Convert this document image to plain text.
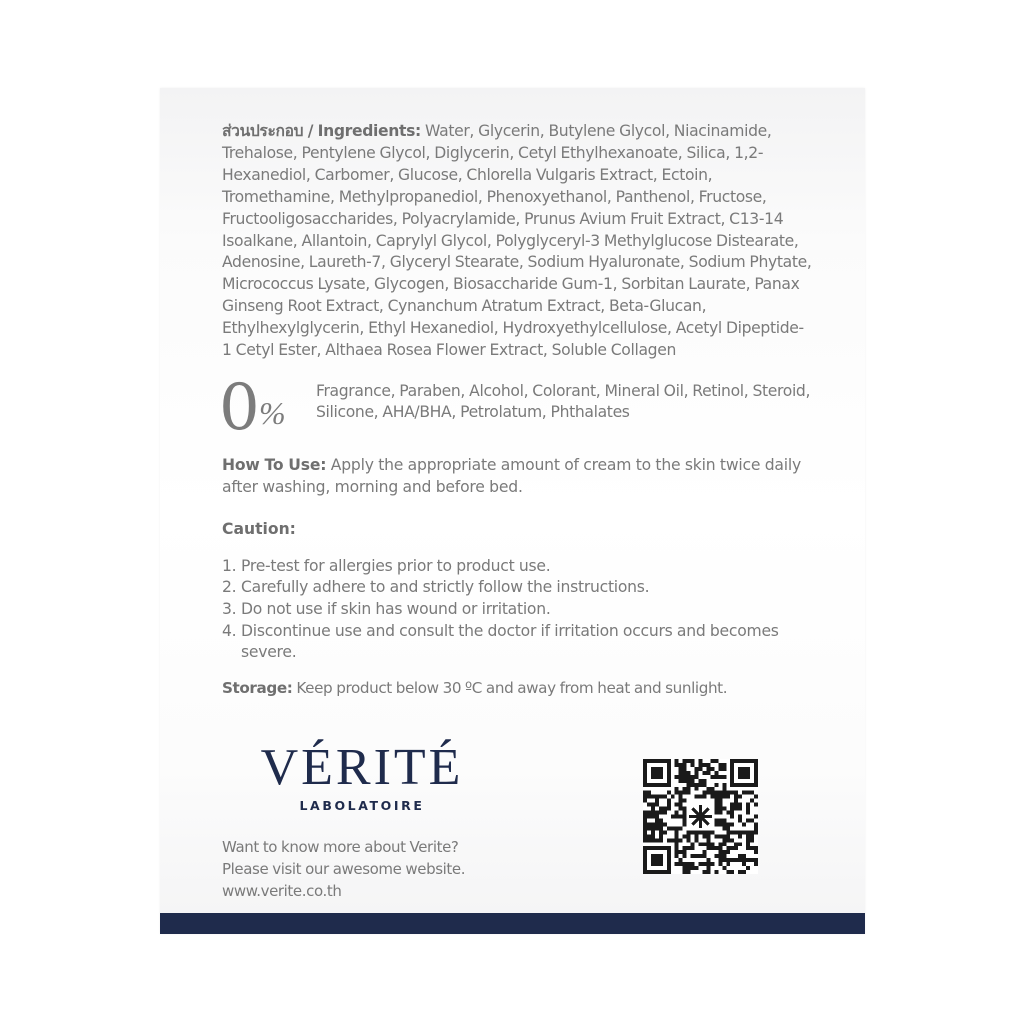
ส่วนประกอบ / Ingredients: Water, Glycerin, Butylene Glycol, Niacinamide, Trehalose, Pentylene Glycol, Diglycerin, Cetyl Ethylhexanoate, Silica, 1,2-Hexanediol, Carbomer, Glucose, Chlorella Vulgaris Extract, Ectoin, Tromethamine, Methylpropanediol, Phenoxyethanol, Panthenol, Fructose, Fructooligosaccharides, Polyacrylamide, Prunus Avium Fruit Extract, C13-14 Isoalkane, Allantoin, Caprylyl Glycol, Polyglyceryl-3 Methylglucose Distearate, Adenosine, Laureth-7, Glyceryl Stearate, Sodium Hyaluronate, Sodium Phytate, Micrococcus Lysate, Glycogen, Biosaccharide Gum-1, Sorbitan Laurate, Panax Ginseng Root Extract, Cynanchum Atratum Extract, Beta-Glucan, Ethylhexylglycerin, Ethyl Hexanediol, Hydroxyethylcellulose, Acetyl Dipeptide-1 Cetyl Ester, Althaea Rosea Flower Extract, Soluble Collagen

0 %
Fragrance, Paraben, Alcohol, Colorant, Mineral Oil, Retinol, Steroid, Silicone, AHA/BHA, Petrolatum, Phthalates
How To Use: Apply the appropriate amount of cream to the skin twice daily after washing, morning and before bed.
Caution:
1. Pre-test for allergies prior to product use.
2. Carefully adhere to and strictly follow the instructions.
3. Do not use if skin has wound or irritation.
4. Discontinue use and consult the doctor if irritation occurs and becomes severe.
Storage: Keep product below 30 ºC and away from heat and sunlight.
VÉRITÉ
LABOLATOIRE
Want to know more about Verite?
Please visit our awesome website.
www.verite.co.th
